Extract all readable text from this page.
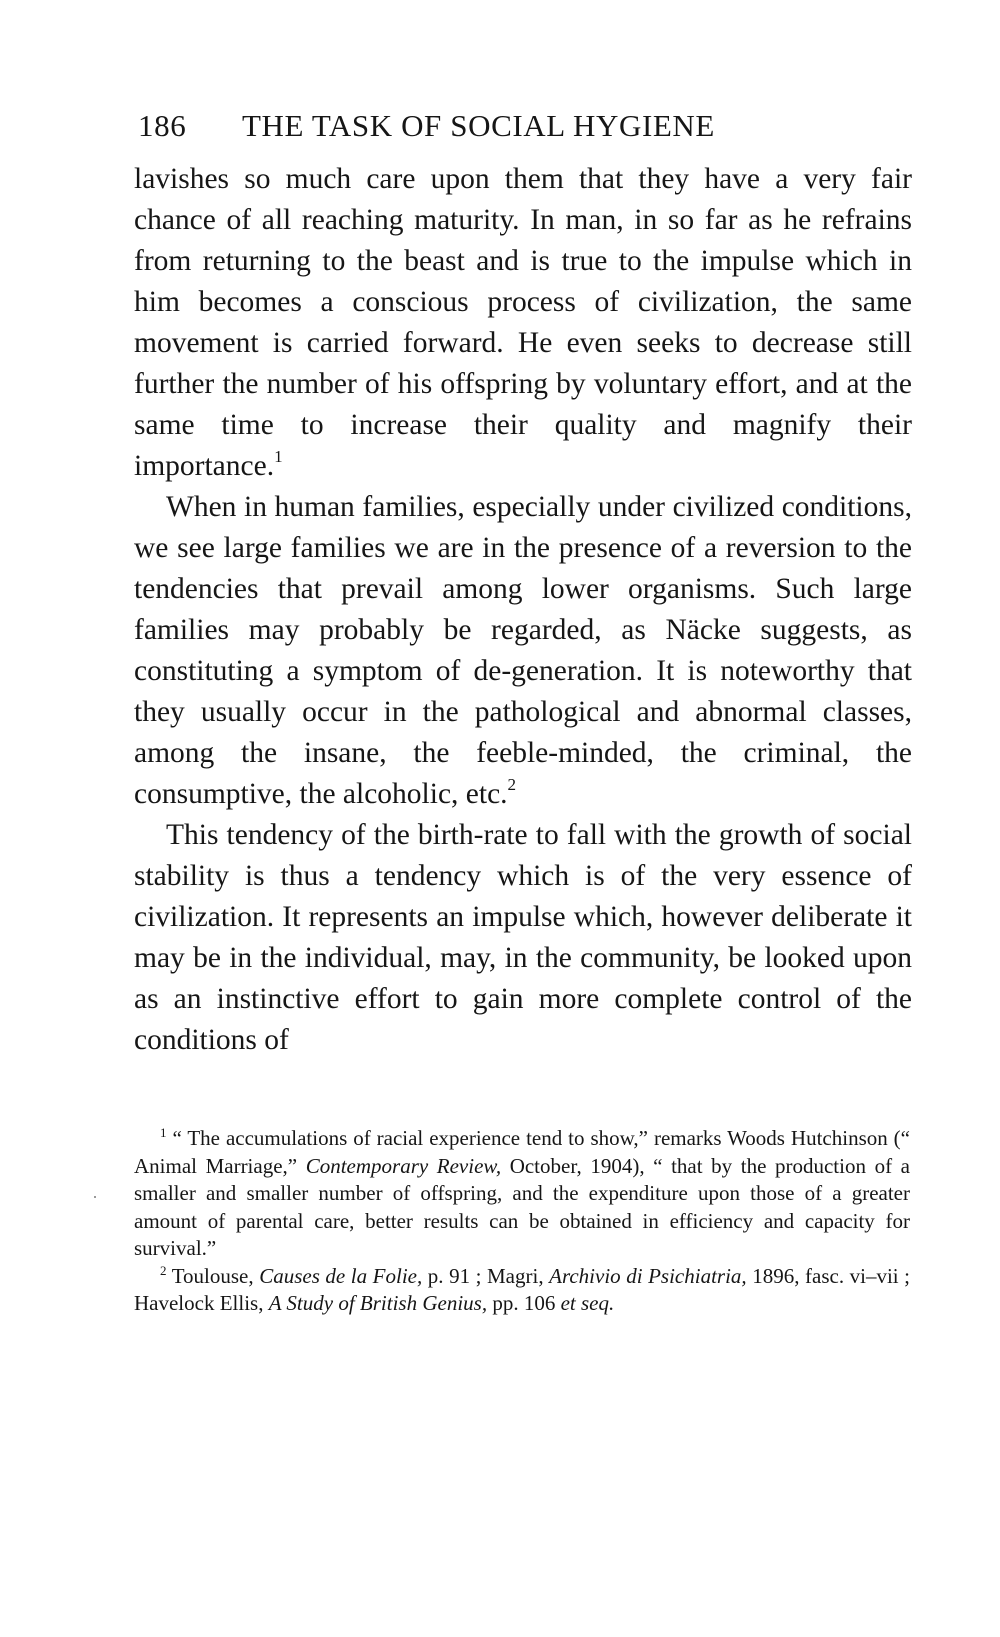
186 THE TASK OF SOCIAL HYGIENE

lavishes so much care upon them that they have a very fair chance of all reaching maturity. In man, in so far as he refrains from returning to the beast and is true to the impulse which in him becomes a conscious process of civilization, the same movement is carried forward. He even seeks to decrease still further the number of his offspring by voluntary effort, and at the same time to increase their quality and magnify their importance.$^1$

When in human families, especially under civilized conditions, we see large families we are in the presence of a reversion to the tendencies that prevail among lower organisms. Such large families may probably be regarded, as Näcke suggests, as constituting a symptom of de-generation. It is noteworthy that they usually occur in the pathological and abnormal classes, among the insane, the feeble-minded, the criminal, the consumptive, the alcoholic, etc.$^2$

This tendency of the birth-rate to fall with the growth of social stability is thus a tendency which is of the very essence of civilization. It represents an impulse which, however deliberate it may be in the individual, may, in the community, be looked upon as an instinctive effort to gain more complete control of the conditions of

$^1$ “ The accumulations of racial experience tend to show,” remarks Woods Hutchinson (“ Animal Marriage,” Contemporary Review, October, 1904), “ that by the production of a smaller and smaller number of offspring, and the expenditure upon those of a greater amount of parental care, better results can be obtained in efficiency and capacity for survival.”

$^2$ Toulouse, Causes de la Folie, p. 91 ; Magri, Archivio di Psichiatria, 1896, fasc. vi–vii ; Havelock Ellis, A Study of British Genius, pp. 106 et seq.
